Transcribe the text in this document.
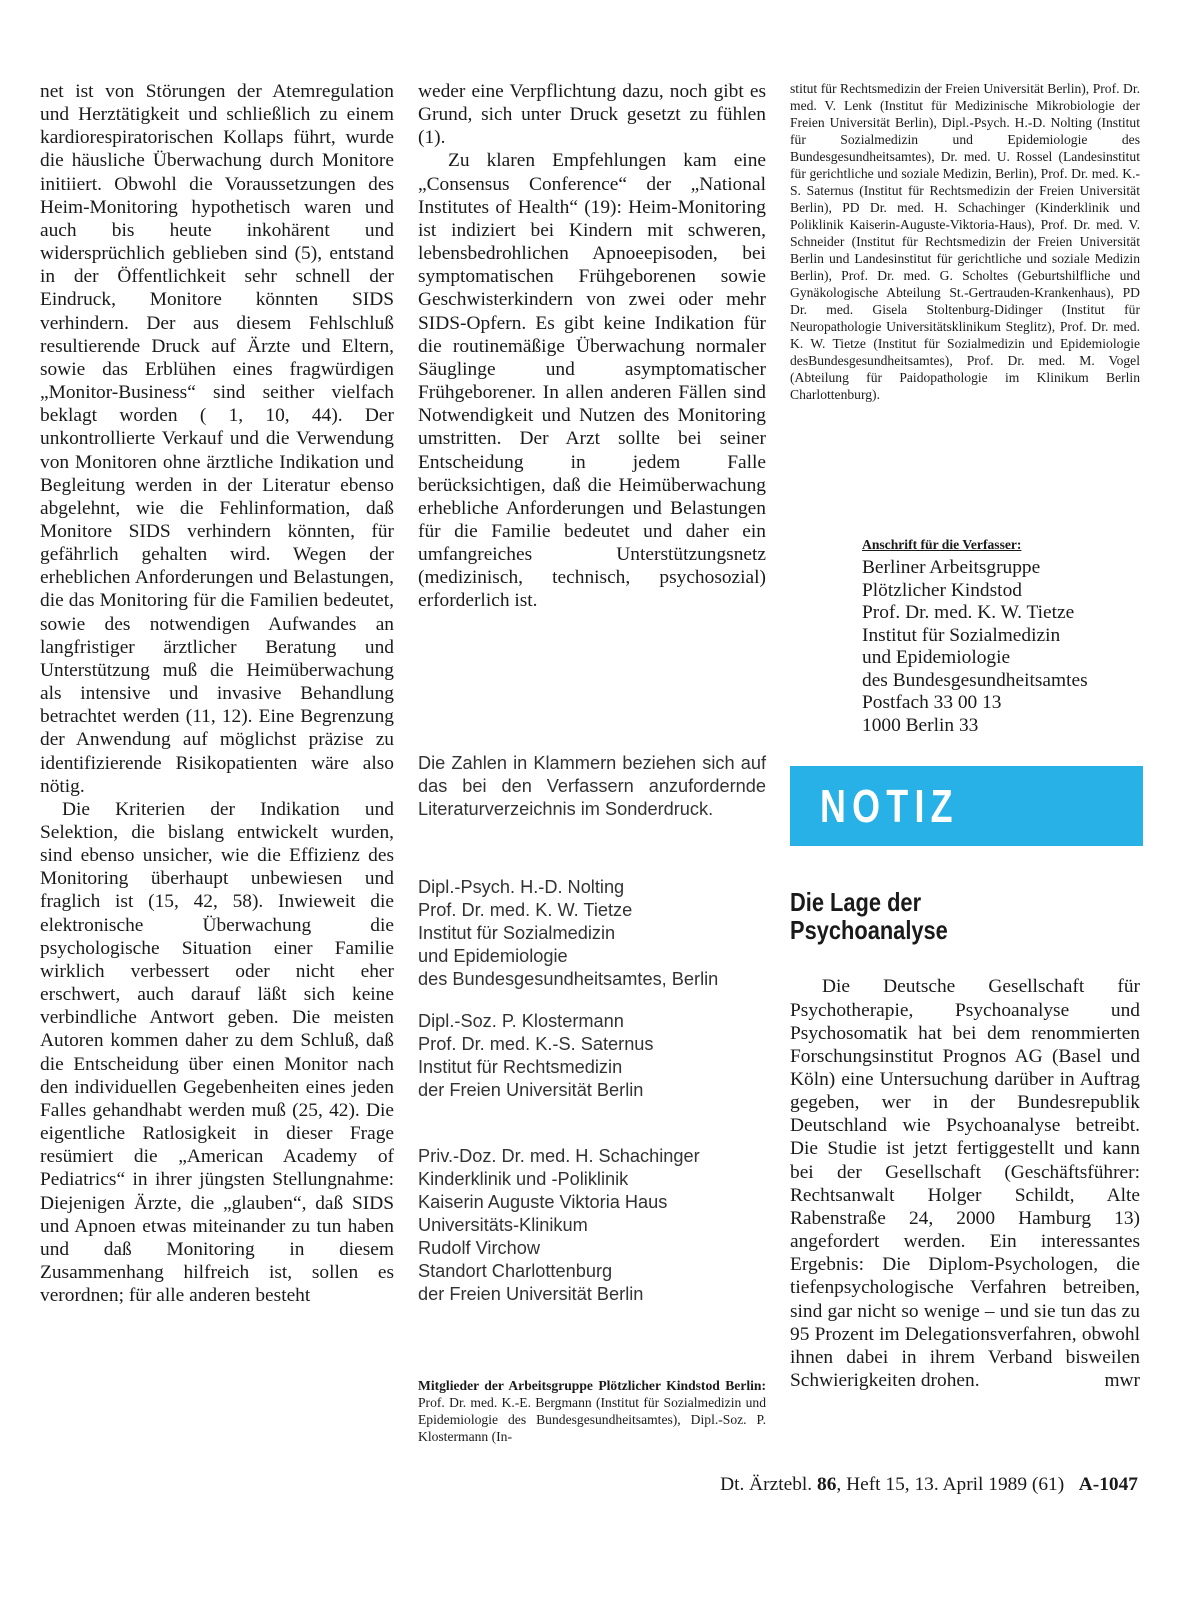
net ist von Störungen der Atemregulation und Herztätigkeit und schließlich zu einem kardiorespiratorischen Kollaps führt, wurde die häusliche Überwachung durch Monitore initiiert. Obwohl die Voraussetzungen des Heim-Monitoring hypothetisch waren und auch bis heute inkohärent und widersprüchlich geblieben sind (5), entstand in der Öffentlichkeit sehr schnell der Eindruck, Monitore könnten SIDS verhindern. Der aus diesem Fehlschluß resultierende Druck auf Ärzte und Eltern, sowie das Erblühen eines fragwürdigen „Monitor-Business“ sind seither vielfach beklagt worden ( 1, 10, 44). Der unkontrollierte Verkauf und die Verwendung von Monitoren ohne ärztliche Indikation und Begleitung werden in der Literatur ebenso abgelehnt, wie die Fehlinformation, daß Monitore SIDS verhindern könnten, für gefährlich gehalten wird. Wegen der erheblichen Anforderungen und Belastungen, die das Monitoring für die Familien bedeutet, sowie des notwendigen Aufwandes an langfristiger ärztlicher Beratung und Unterstützung muß die Heimüberwachung als intensive und invasive Behandlung betrachtet werden (11, 12). Eine Begrenzung der Anwendung auf möglichst präzise zu identifizierende Risikopatienten wäre also nötig.

Die Kriterien der Indikation und Selektion, die bislang entwickelt wurden, sind ebenso unsicher, wie die Effizienz des Monitoring überhaupt unbewiesen und fraglich ist (15, 42, 58). Inwieweit die elektronische Überwachung die psychologische Situation einer Familie wirklich verbessert oder nicht eher erschwert, auch darauf läßt sich keine verbindliche Antwort geben. Die meisten Autoren kommen daher zu dem Schluß, daß die Entscheidung über einen Monitor nach den individuellen Gegebenheiten eines jeden Falles gehandhabt werden muß (25, 42). Die eigentliche Ratlosigkeit in dieser Frage resümiert die „American Academy of Pediatrics“ in ihrer jüngsten Stellungnahme: Diejenigen Ärzte, die „glauben“, daß SIDS und Apnoen etwas miteinander zu tun haben und daß Monitoring in diesem Zusammenhang hilfreich ist, sollen es verordnen; für alle anderen besteht

weder eine Verpflichtung dazu, noch gibt es Grund, sich unter Druck gesetzt zu fühlen (1).

Zu klaren Empfehlungen kam eine „Consensus Conference“ der „National Institutes of Health“ (19): Heim-Monitoring ist indiziert bei Kindern mit schweren, lebensbedrohlichen Apnoeepisoden, bei symptomatischen Frühgeborenen sowie Geschwisterkindern von zwei oder mehr SIDS-Opfern. Es gibt keine Indikation für die routinemäßige Überwachung normaler Säuglinge und asymptomatischer Frühgeborener. In allen anderen Fällen sind Notwendigkeit und Nutzen des Monitoring umstritten. Der Arzt sollte bei seiner Entscheidung in jedem Falle berücksichtigen, daß die Heimüberwachung erhebliche Anforderungen und Belastungen für die Familie bedeutet und daher ein umfangreiches Unterstützungsnetz (medizinisch, technisch, psychosozial) erforderlich ist.

Die Zahlen in Klammern beziehen sich auf das bei den Verfassern anzufordernde Literaturverzeichnis im Sonderdruck.

Dipl.-Psych. H.-D. Nolting
Prof. Dr. med. K. W. Tietze
Institut für Sozialmedizin
und Epidemiologie
des Bundesgesundheitsamtes, Berlin
Dipl.-Soz. P. Klostermann
Prof. Dr. med. K.-S. Saternus
Institut für Rechtsmedizin
der Freien Universität Berlin
Priv.-Doz. Dr. med. H. Schachinger
Kinderklinik und -Poliklinik
Kaiserin Auguste Viktoria Haus
Universitäts-Klinikum
Rudolf Virchow
Standort Charlottenburg
der Freien Universität Berlin
Mitglieder der Arbeitsgruppe Plötzlicher Kindstod Berlin: Prof. Dr. med. K.-E. Bergmann (Institut für Sozialmedizin und Epidemiologie des Bundesgesundheitsamtes), Dipl.-Soz. P. Klostermann (In-

stitut für Rechtsmedizin der Freien Universität Berlin), Prof. Dr. med. V. Lenk (Institut für Medizinische Mikrobiologie der Freien Universität Berlin), Dipl.-Psych. H.-D. Nolting (Institut für Sozialmedizin und Epidemiologie des Bundesgesundheitsamtes), Dr. med. U. Rossel (Landesinstitut für gerichtliche und soziale Medizin, Berlin), Prof. Dr. med. K.-S. Saternus (Institut für Rechtsmedizin der Freien Universität Berlin), PD Dr. med. H. Schachinger (Kinderklinik und Poliklinik Kaiserin-Auguste-Viktoria-Haus), Prof. Dr. med. V. Schneider (Institut für Rechtsmedizin der Freien Universität Berlin und Landesinstitut für gerichtliche und soziale Medizin Berlin), Prof. Dr. med. G. Scholtes (Geburtshilfliche und Gynäkologische Abteilung St.-Gertrauden-Krankenhaus), PD Dr. med. Gisela Stoltenburg-Didinger (Institut für Neuropathologie Universitätsklinikum Steglitz), Prof. Dr. med. K. W. Tietze (Institut für Sozialmedizin und Epidemiologie desBundesgesundheitsamtes), Prof. Dr. med. M. Vogel (Abteilung für Paidopathologie im Klinikum Berlin Charlottenburg).

Anschrift für die Verfasser:
Berliner Arbeitsgruppe
Plötzlicher Kindstod
Prof. Dr. med. K. W. Tietze
Institut für Sozialmedizin
und Epidemiologie
des Bundesgesundheitsamtes
Postfach 33 00 13
1000 Berlin 33
NOTIZ
Die Lage der
Psychoanalyse

Die Deutsche Gesellschaft für Psychotherapie, Psychoanalyse und Psychosomatik hat bei dem renommierten Forschungsinstitut Prognos AG (Basel und Köln) eine Untersuchung darüber in Auftrag gegeben, wer in der Bundesrepublik Deutschland wie Psychoanalyse betreibt. Die Studie ist jetzt fertiggestellt und kann bei der Gesellschaft (Geschäftsführer: Rechtsanwalt Holger Schildt, Alte Rabenstraße 24, 2000 Hamburg 13) angefordert werden. Ein interessantes Ergebnis: Die Diplom-Psychologen, die tiefenpsychologische Verfahren betreiben, sind gar nicht so wenige – und sie tun das zu 95 Prozent im Delegationsverfahren, obwohl ihnen dabei in ihrem Verband bisweilen Schwierigkeiten drohen.	mwr

Dt. Ärztebl. 86, Heft 15, 13. April 1989 (61) A-1047
